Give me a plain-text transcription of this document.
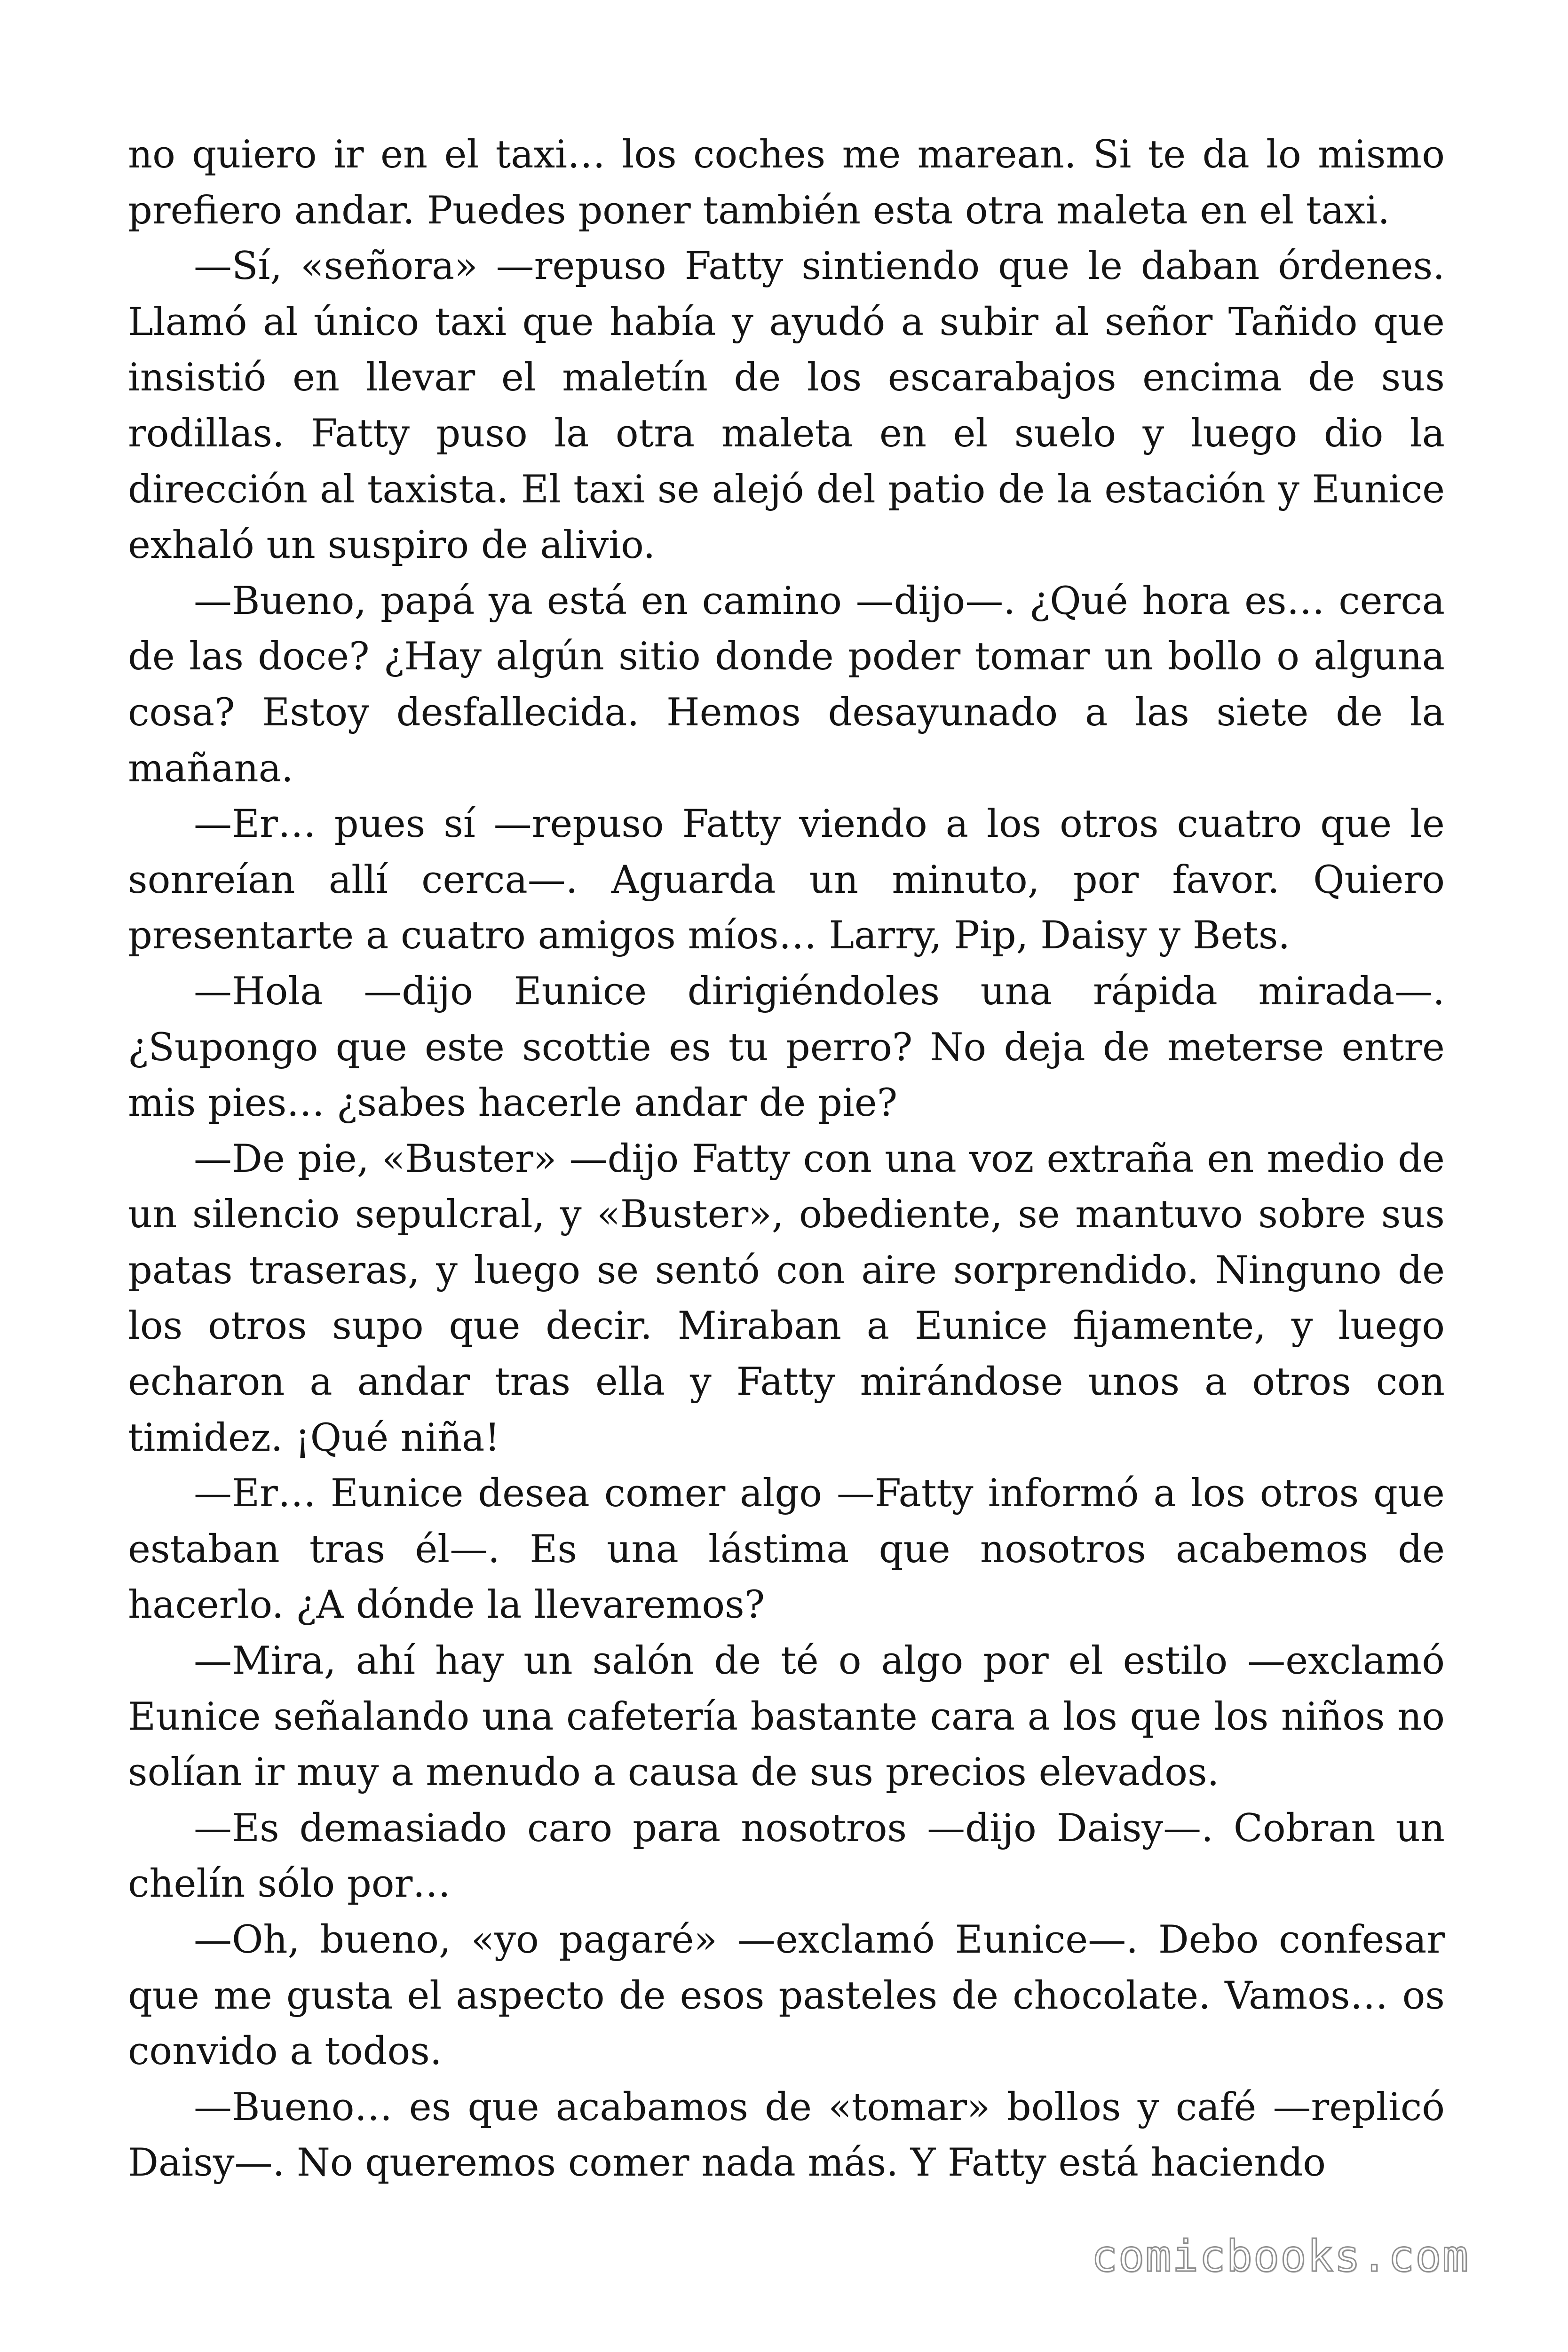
no quiero ir en el taxi… los coches me marean. Si te da lo mismo prefiero andar. Puedes poner también esta otra maleta en el taxi.

—Sí, «señora» —repuso Fatty sintiendo que le daban órdenes. Llamó al único taxi que había y ayudó a subir al señor Tañido que insistió en llevar el maletín de los escarabajos encima de sus rodillas. Fatty puso la otra maleta en el suelo y luego dio la dirección al taxista. El taxi se alejó del patio de la estación y Eunice exhaló un suspiro de alivio.

—Bueno, papá ya está en camino —dijo—. ¿Qué hora es… cerca de las doce? ¿Hay algún sitio donde poder tomar un bollo o alguna cosa? Estoy desfallecida. Hemos desayunado a las siete de la mañana.

—Er… pues sí —repuso Fatty viendo a los otros cuatro que le sonreían allí cerca—. Aguarda un minuto, por favor. Quiero presentarte a cuatro amigos míos… Larry, Pip, Daisy y Bets.

—Hola —dijo Eunice dirigiéndoles una rápida mirada—. ¿Supongo que este scottie es tu perro? No deja de meterse entre mis pies… ¿sabes hacerle andar de pie?

—De pie, «Buster» —dijo Fatty con una voz extraña en medio de un silencio sepulcral, y «Buster», obediente, se mantuvo sobre sus patas traseras, y luego se sentó con aire sorprendido. Ninguno de los otros supo que decir. Miraban a Eunice fijamente, y luego echaron a andar tras ella y Fatty mirándose unos a otros con timidez. ¡Qué niña!

—Er… Eunice desea comer algo —Fatty informó a los otros que estaban tras él—. Es una lástima que nosotros acabemos de hacerlo. ¿A dónde la llevaremos?

—Mira, ahí hay un salón de té o algo por el estilo —exclamó Eunice señalando una cafetería bastante cara a los que los niños no solían ir muy a menudo a causa de sus precios elevados.

—Es demasiado caro para nosotros —dijo Daisy—. Cobran un chelín sólo por…

—Oh, bueno, «yo pagaré» —exclamó Eunice—. Debo confesar que me gusta el aspecto de esos pasteles de chocolate. Vamos… os convido a todos.

—Bueno… es que acabamos de «tomar» bollos y café —replicó Daisy—. No queremos comer nada más. Y Fatty está haciendo

comicbooks.com
